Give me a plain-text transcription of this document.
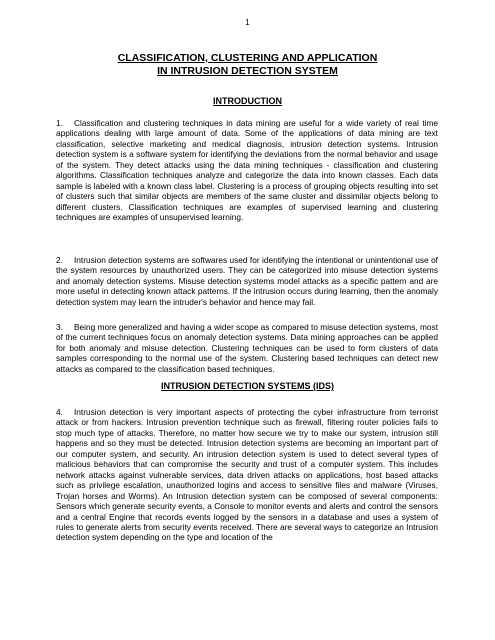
1
CLASSIFICATION, CLUSTERING AND APPLICATION
IN INTRUSION DETECTION SYSTEM
INTRODUCTION

1. Classification and clustering techniques in data mining are useful for a wide variety of real time applications dealing with large amount of data. Some of the applications of data mining are text classification, selective marketing and medical diagnosis, intrusion detection systems. Intrusion detection system is a software system for identifying the deviations from the normal behavior and usage of the system. They detect attacks using the data mining techniques - classification and clustering algorithms. Classification techniques analyze and categorize the data into known classes. Each data sample is labeled with a known class label. Clustering is a process of grouping objects resulting into set of clusters such that similar objects are members of the same cluster and dissimilar objects belong to different clusters. Classification techniques are examples of supervised learning and clustering techniques are examples of unsupervised learning.

2. Intrusion detection systems are softwares used for identifying the intentional or unintentional use of the system resources by unauthorized users. They can be categorized into misuse detection systems and anomaly detection systems. Misuse detection systems model attacks as a specific pattern and are more useful in detecting known attack patterns. If the intrusion occurs during learning, then the anomaly detection system may learn the intruder's behavior and hence may fail.

3. Being more generalized and having a wider scope as compared to misuse detection systems, most of the current techniques focus on anomaly detection systems. Data mining approaches can be applied for both anomaly and misuse detection. Clustering techniques can be used to form clusters of data samples corresponding to the normal use of the system. Clustering based techniques can detect new attacks as compared to the classification based techniques.

INTRUSION DETECTION SYSTEMS (IDS)

4. Intrusion detection is very important aspects of protecting the cyber infrastructure from terrorist attack or from hackers. Intrusion prevention technique such as firewall, filtering router policies fails to stop much type of attacks. Therefore, no matter how secure we try to make our system, intrusion still happens and so they must be detected. Intrusion detection systems are becoming an important part of our computer system, and security. An intrusion detection system is used to detect several types of malicious behaviors that can compromise the security and trust of a computer system. This includes network attacks against vulnerable services, data driven attacks on applications, host based attacks such as privilege escalation, unauthorized logins and access to sensitive files and malware (Viruses, Trojan horses and Worms). An Intrusion detection system can be composed of several components: Sensors which generate security events, a Console to monitor events and alerts and control the sensors and a central Engine that records events logged by the sensors in a database and uses a system of rules to generate alerts from security events received. There are several ways to categorize an Intrusion detection system depending on the type and location of the
